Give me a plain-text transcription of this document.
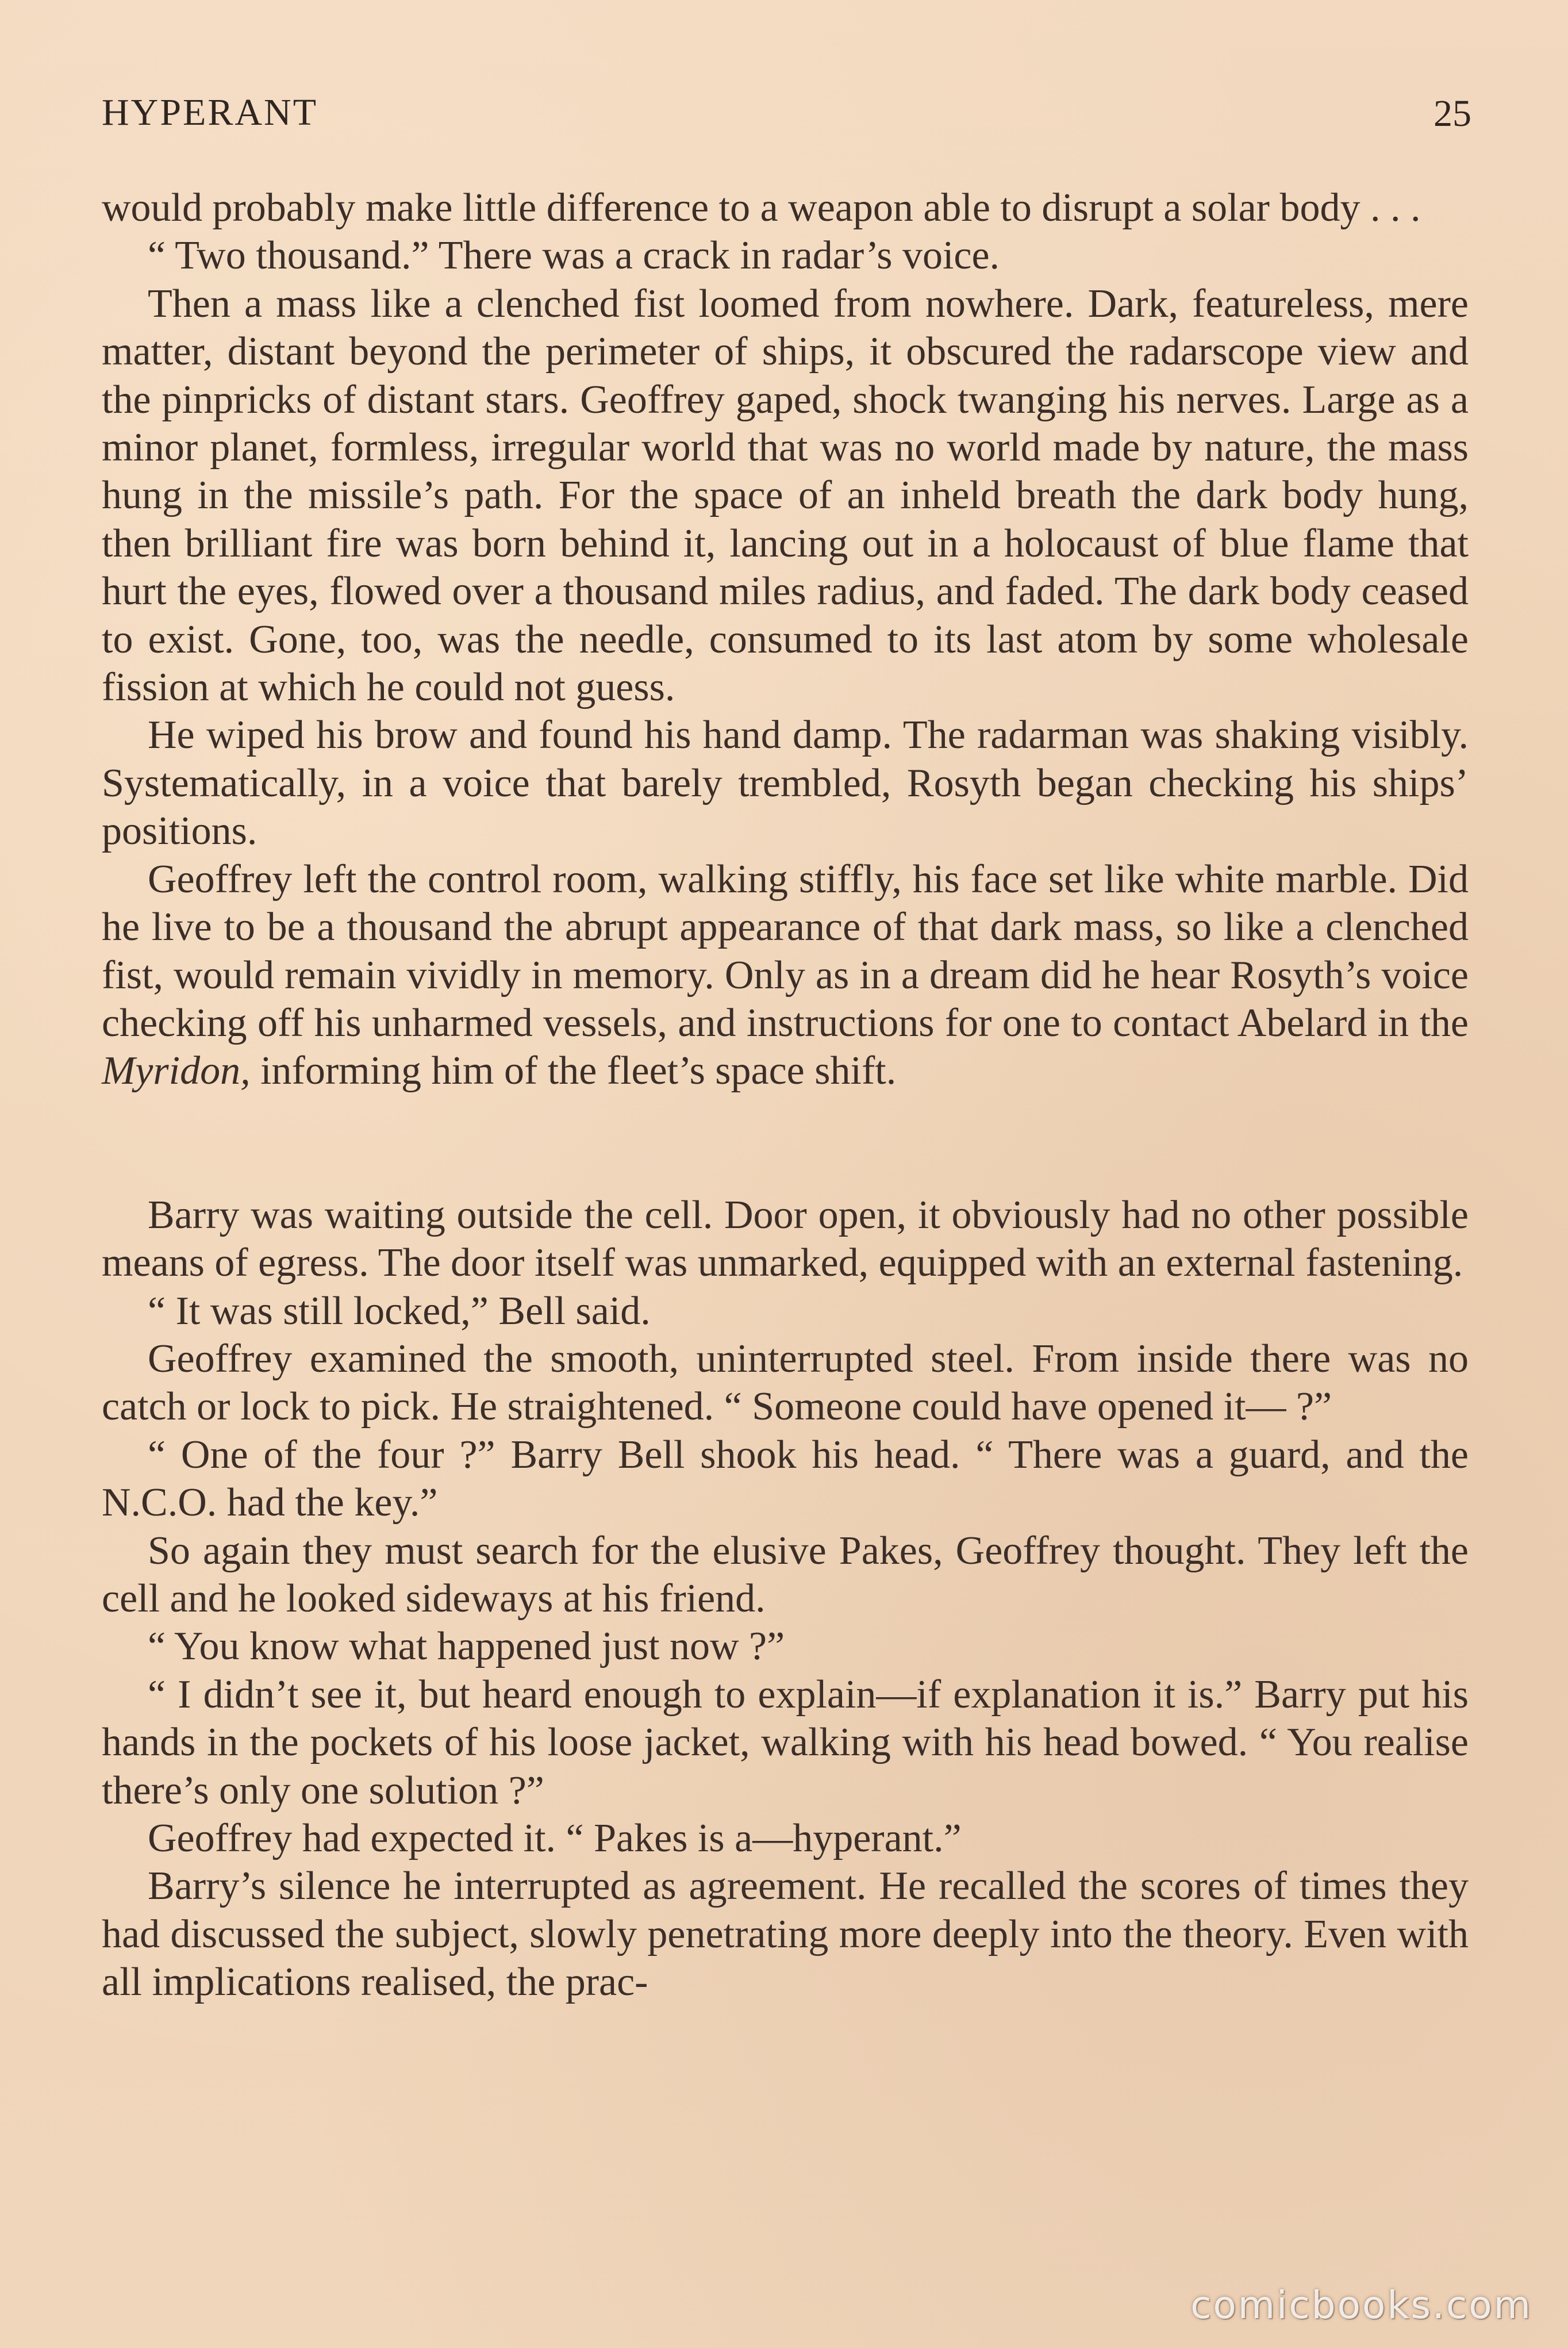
HYPERANT	25

would probably make little difference to a weapon able to disrupt a solar body . . .

“ Two thousand.” There was a crack in radar’s voice.

Then a mass like a clenched fist loomed from nowhere. Dark, featureless, mere matter, distant beyond the perimeter of ships, it obscured the radarscope view and the pinpricks of distant stars. Geoffrey gaped, shock twanging his nerves. Large as a minor planet, formless, irregular world that was no world made by nature, the mass hung in the missile’s path. For the space of an inheld breath the dark body hung, then brilliant fire was born behind it, lancing out in a holocaust of blue flame that hurt the eyes, flowed over a thousand miles radius, and faded. The dark body ceased to exist. Gone, too, was the needle, consumed to its last atom by some wholesale fission at which he could not guess.

He wiped his brow and found his hand damp. The radarman was shaking visibly. Systematically, in a voice that barely trembled, Rosyth began checking his ships’ positions.

Geoffrey left the control room, walking stiffly, his face set like white marble. Did he live to be a thousand the abrupt appearance of that dark mass, so like a clenched fist, would remain vividly in memory. Only as in a dream did he hear Rosyth’s voice checking off his unharmed vessels, and instructions for one to contact Abelard in the Myridon, informing him of the fleet’s space shift.

Barry was waiting outside the cell. Door open, it obviously had no other possible means of egress. The door itself was unmarked, equipped with an external fastening.

“ It was still locked,” Bell said.

Geoffrey examined the smooth, uninterrupted steel. From inside there was no catch or lock to pick. He straightened. “ Someone could have opened it— ?”

“ One of the four ?” Barry Bell shook his head. “ There was a guard, and the N.C.O. had the key.”

So again they must search for the elusive Pakes, Geoffrey thought. They left the cell and he looked sideways at his friend.

“ You know what happened just now ?”

“ I didn’t see it, but heard enough to explain—if explanation it is.” Barry put his hands in the pockets of his loose jacket, walking with his head bowed. “ You realise there’s only one solution ?”

Geoffrey had expected it. “ Pakes is a—hyperant.”

Barry’s silence he interrupted as agreement. He recalled the scores of times they had discussed the subject, slowly penetrating more deeply into the theory. Even with all implications realised, the prac-

comicbooks.com
